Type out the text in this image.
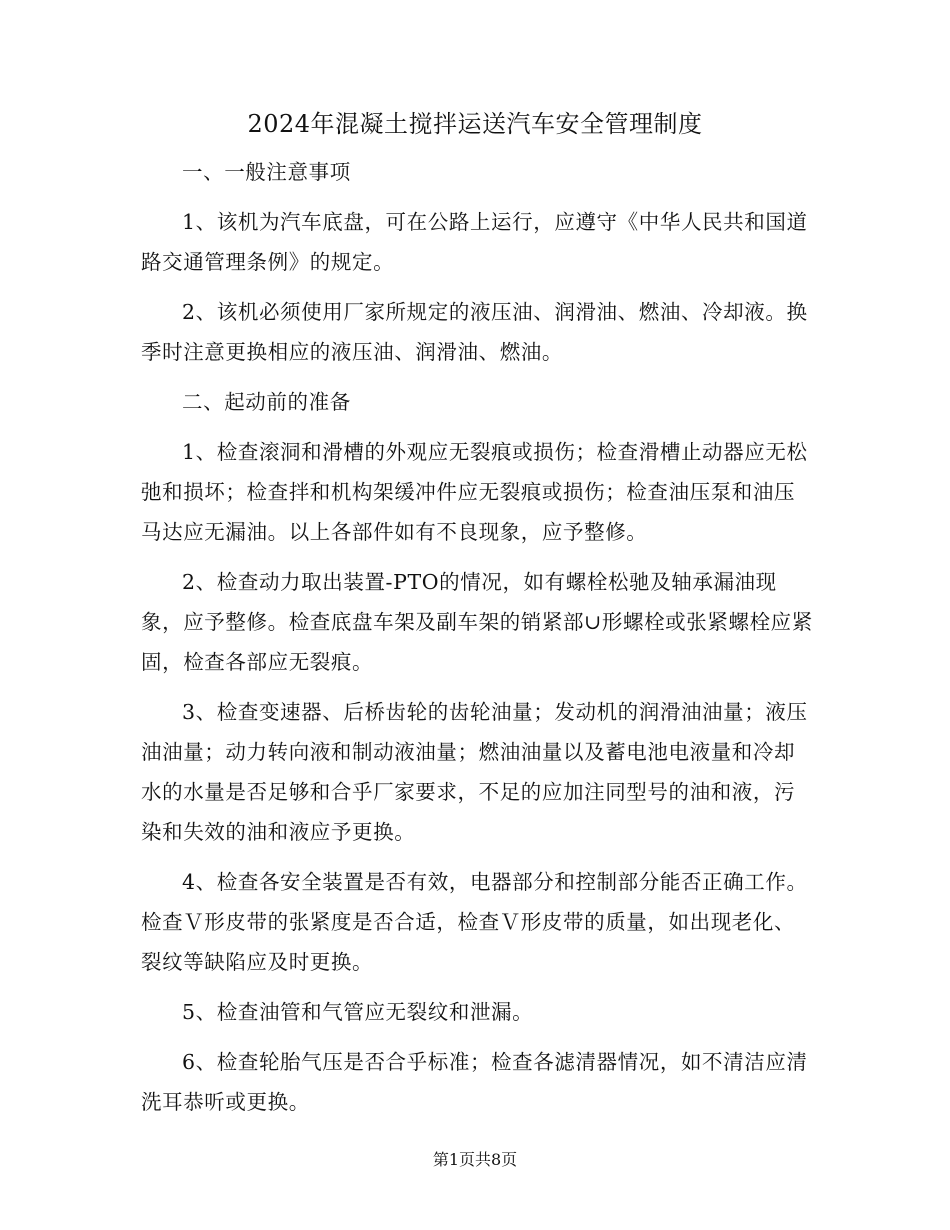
2024年混凝土搅拌运送汽车安全管理制度
一、一般注意事项

1、该机为汽车底盘，可在公路上运行，应遵守《中华人民共和国道路交通管理条例》的规定。

2、该机必须使用厂家所规定的液压油、润滑油、燃油、冷却液。换季时注意更换相应的液压油、润滑油、燃油。

二、起动前的准备

1、检查滚洞和滑槽的外观应无裂痕或损伤；检查滑槽止动器应无松弛和损坏；检查拌和机构架缓冲件应无裂痕或损伤；检查油压泵和油压马达应无漏油。以上各部件如有不良现象，应予整修。

2、检查动力取出装置-PTO的情况，如有螺栓松驰及轴承漏油现象，应予整修。检查底盘车架及副车架的销紧部∪形螺栓或张紧螺栓应紧固，检查各部应无裂痕。

3、检查变速器、后桥齿轮的齿轮油量；发动机的润滑油油量；液压油油量；动力转向液和制动液油量；燃油油量以及蓄电池电液量和冷却水的水量是否足够和合乎厂家要求，不足的应加注同型号的油和液，污染和失效的油和液应予更换。

4、检查各安全装置是否有效，电器部分和控制部分能否正确工作。检查Ｖ形皮带的张紧度是否合适，检查Ｖ形皮带的质量，如出现老化、裂纹等缺陷应及时更换。

5、检查油管和气管应无裂纹和泄漏。

6、检查轮胎气压是否合乎标准；检查各滤清器情况，如不清洁应清洗耳恭听或更换。

第1页共8页
